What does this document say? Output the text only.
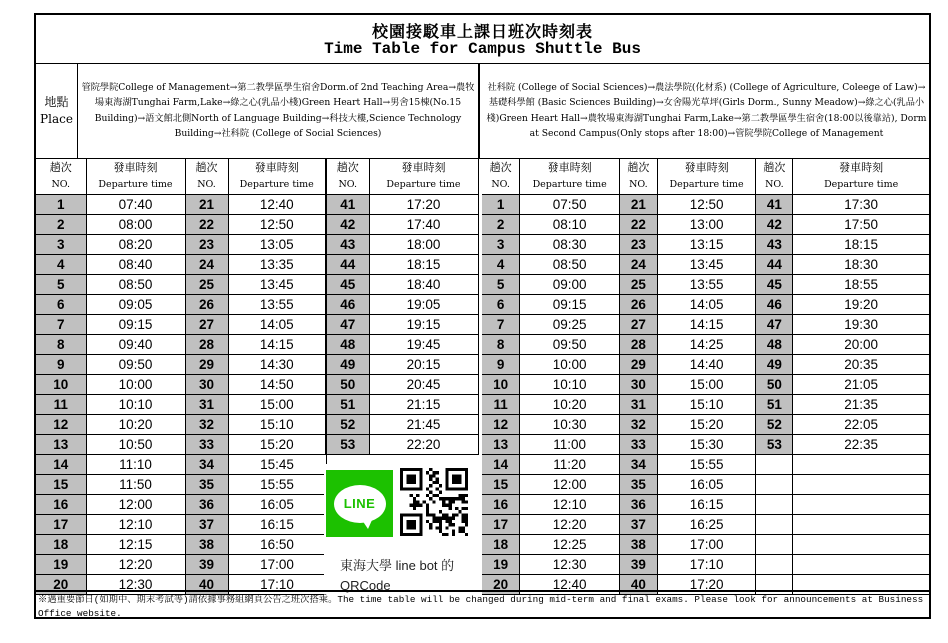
校園接駁車上課日班次時刻表
Time Table for Campus Shuttle Bus
地點
Place
管院學院College of Management→第二教學區學生宿舍Dorm.of 2nd Teaching Area→農牧場東海湖Tunghai Farm,Lake→綠之心(乳品小棧)Green Heart Hall→男舍15棟(No.15 Building)→語文館北側North of Language Building→科技大樓,Science Technology Building→社科院 (College of Social Sciences)
社科院 (College of Social Sciences)→農法學院(化材系) (College of Agriculture, Coleege of Law)→基礎科學館 (Basic Sciences Building)→女舍陽光草坪(Girls Dorm., Sunny Meadow)→綠之心(乳品小棧)Green Heart Hall→農牧場東海湖Tunghai Farm,Lake→第二教學區學生宿舍(18:00以後靠站), Dorm at Second Campus(Only stops after 18:00)→管院學院College of Management
趟次	發車時刻	趟次	發車時刻	趟次	發車時刻
NO.	Departure time	NO.	Departure time	NO.	Departure time
1	07:40	21	12:40	41	17:20
2	08:00	22	12:50	42	17:40
3	08:20	23	13:05	43	18:00
4	08:40	24	13:35	44	18:15
5	08:50	25	13:45	45	18:40
6	09:05	26	13:55	46	19:05
7	09:15	27	14:05	47	19:15
8	09:40	28	14:15	48	19:45
9	09:50	29	14:30	49	20:15
10	10:00	30	14:50	50	20:45
11	10:10	31	15:00	51	21:15
12	10:20	32	15:10	52	21:45
13	10:50	33	15:20	53	22:20
14	11:10	34	15:45		
15	11:50	35	15:55		
16	12:00	36	16:05		
17	12:10	37	16:15		
18	12:15	38	16:50		
19	12:20	39	17:00		
20	12:30	40	17:10		
趟次	發車時刻	趟次	發車時刻	趟次	發車時刻
NO.	Departure time	NO.	Departure time	NO.	Departure time
1	07:50	21	12:50	41	17:30
2	08:10	22	13:00	42	17:50
3	08:30	23	13:15	43	18:15
4	08:50	24	13:45	44	18:30
5	09:00	25	13:55	45	18:55
6	09:15	26	14:05	46	19:20
7	09:25	27	14:15	47	19:30
8	09:50	28	14:25	48	20:00
9	10:00	29	14:40	49	20:35
10	10:10	30	15:00	50	21:05
11	10:20	31	15:10	51	21:35
12	10:30	32	15:20	52	22:05
13	11:00	33	15:30	53	22:35
14	11:20	34	15:55		
15	12:00	35	16:05		
16	12:10	36	16:15		
17	12:20	37	16:25		
18	12:25	38	17:00		
19	12:30	39	17:10		
20	12:40	40	17:20		
LINE
東海大學 line bot 的
QRCode
※遇重要節日(如期中、期末考試等)請依據事務組網頁公告之班次搭乘。The time table will be changed during mid-term and final exams. Please look for announcements at Business Office website.
